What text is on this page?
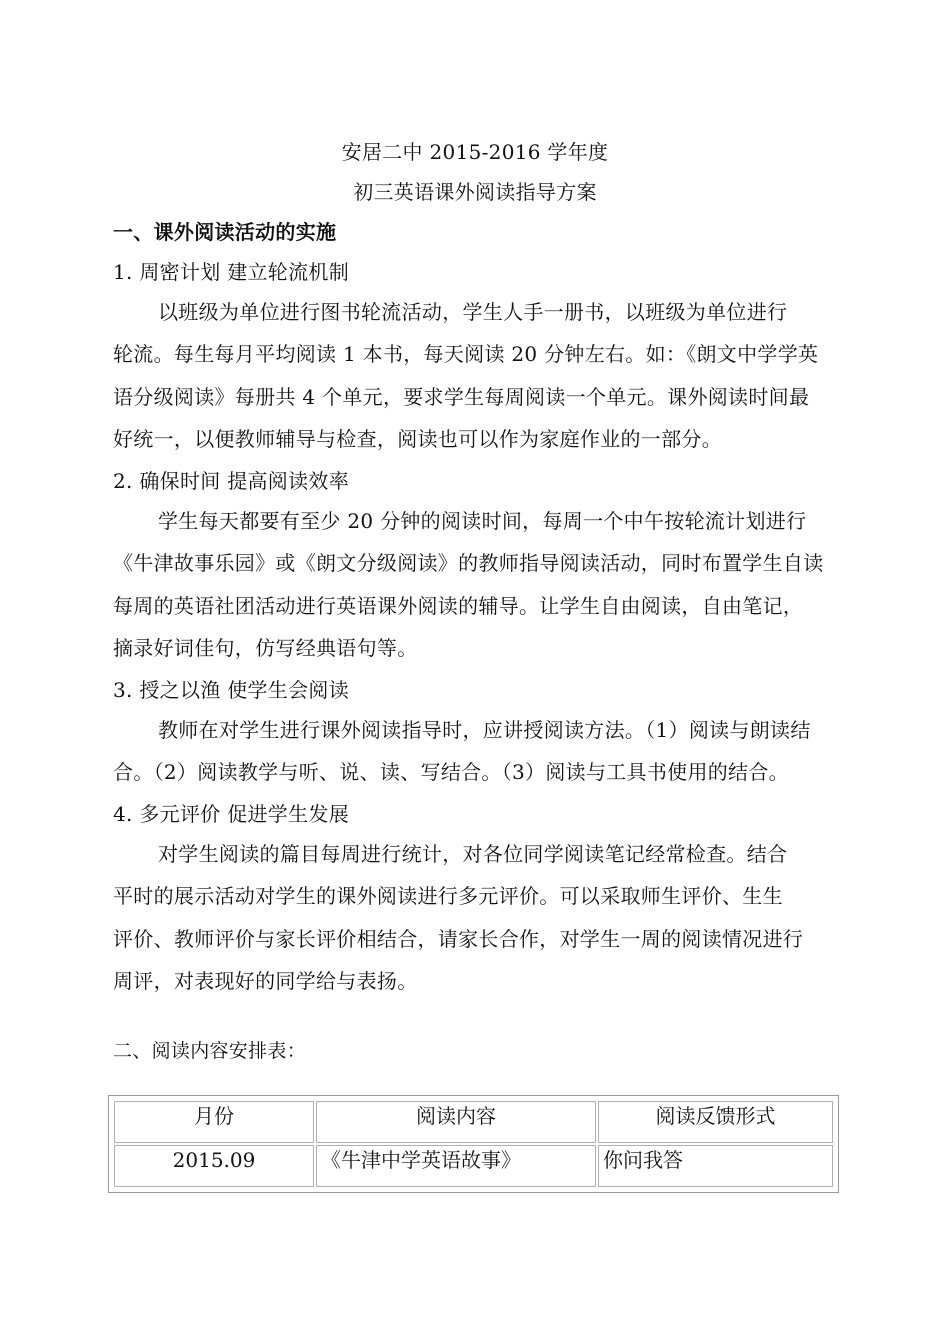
安居二中 2015-2016 学年度
初三英语课外阅读指导方案
一、课外阅读活动的实施
1. 周密计划 建立轮流机制
以班级为单位进行图书轮流活动，学生人手一册书，以班级为单位进行
轮流。每生每月平均阅读 1 本书，每天阅读 20 分钟左右。如：《朗文中学学英
语分级阅读》每册共 4 个单元，要求学生每周阅读一个单元。课外阅读时间最
好统一，以便教师辅导与检查，阅读也可以作为家庭作业的一部分。
2. 确保时间 提高阅读效率
学生每天都要有至少 20 分钟的阅读时间，每周一个中午按轮流计划进行
《牛津故事乐园》或《朗文分级阅读》的教师指导阅读活动，同时布置学生自读
每周的英语社团活动进行英语课外阅读的辅导。让学生自由阅读，自由笔记，
摘录好词佳句，仿写经典语句等。
3. 授之以渔 使学生会阅读
教师在对学生进行课外阅读指导时，应讲授阅读方法。（1）阅读与朗读结
合。（2）阅读教学与听、说、读、写结合。（3）阅读与工具书使用的结合。
4. 多元评价 促进学生发展
对学生阅读的篇目每周进行统计，对各位同学阅读笔记经常检查。结合
平时的展示活动对学生的课外阅读进行多元评价。可以采取师生评价、生生
评价、教师评价与家长评价相结合，请家长合作，对学生一周的阅读情况进行
周评，对表现好的同学给与表扬。
二、阅读内容安排表：
月份	阅读内容	阅读反馈形式
2015.09	《牛津中学英语故事》	你问我答
